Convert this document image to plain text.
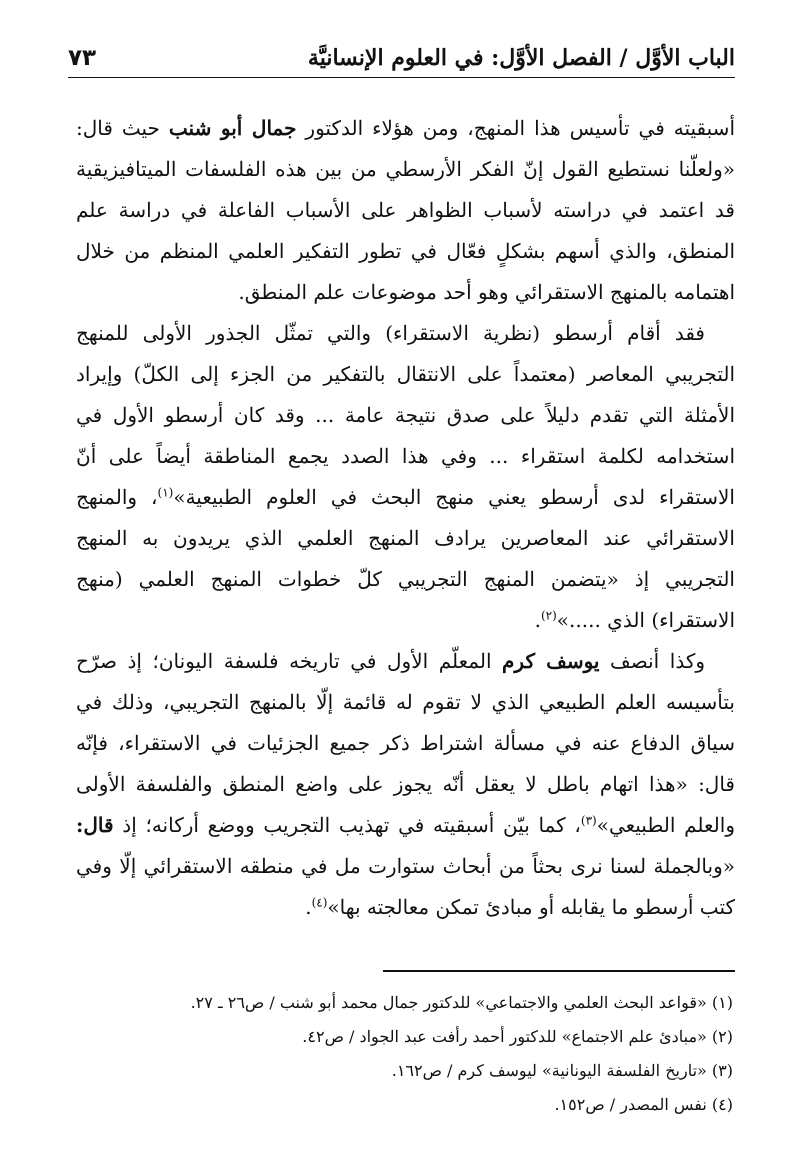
الباب الأوَّل / الفصل الأوَّل: في العلوم الإنسانيَّة
٧٣

أسبقيته في تأسيس هذا المنهج، ومن هؤلاء الدكتور جمال أبو شنب حيث قال: «ولعلّنا نستطيع القول إنّ الفكر الأرسطي من بين هذه الفلسفات الميتافيزيقية قد اعتمد في دراسته لأسباب الظواهر على الأسباب الفاعلة في دراسة علم المنطق، والذي أسهم بشكلٍ فعّال في تطور التفكير العلمي المنظم من خلال اهتمامه بالمنهج الاستقرائي وهو أحد موضوعات علم المنطق.

فقد أقام أرسطو (نظرية الاستقراء) والتي تمثّل الجذور الأولى للمنهج التجريبي المعاصر (معتمداً على الانتقال بالتفكير من الجزء إلى الكلّ) وإيراد الأمثلة التي تقدم دليلاً على صدق نتيجة عامة ... وقد كان أرسطو الأول في استخدامه لكلمة استقراء ... وفي هذا الصدد يجمع المناطقة أيضاً على أنّ الاستقراء لدى أرسطو يعني منهج البحث في العلوم الطبيعية»$^{(١)}$، والمنهج الاستقرائي عند المعاصرين يرادف المنهج العلمي الذي يريدون به المنهج التجريبي إذ «يتضمن المنهج التجريبي كلّ خطوات المنهج العلمي (منهج الاستقراء) الذي .....»$^{(٢)}$.

وكذا أنصف يوسف كرم المعلّم الأول في تاريخه فلسفة اليونان؛ إذ صرّح بتأسيسه العلم الطبيعي الذي لا تقوم له قائمة إلّا بالمنهج التجريبي، وذلك في سياق الدفاع عنه في مسألة اشتراط ذكر جميع الجزئيات في الاستقراء، فإنّه قال: «هذا اتهام باطل لا يعقل أنّه يجوز على واضع المنطق والفلسفة الأولى والعلم الطبيعي»$^{(٣)}$، كما بيّن أسبقيته في تهذيب التجريب ووضع أركانه؛ إذ قال: «وبالجملة لسنا نرى بحثاً من أبحاث ستوارت مل في منطقه الاستقرائي إلّا وفي كتب أرسطو ما يقابله أو مبادئ تمكن معالجته بها»$^{(٤)}$.

(١) «قواعد البحث العلمي والاجتماعي» للدكتور جمال محمد أبو شنب / ص٢٦ ـ ٢٧.
(٢) «مبادئ علم الاجتماع» للدكتور أحمد رأفت عبد الجواد / ص٤٢.
(٣) «تاريخ الفلسفة اليونانية» ليوسف كرم / ص١٦٢.
(٤) نفس المصدر / ص١٥٢.
